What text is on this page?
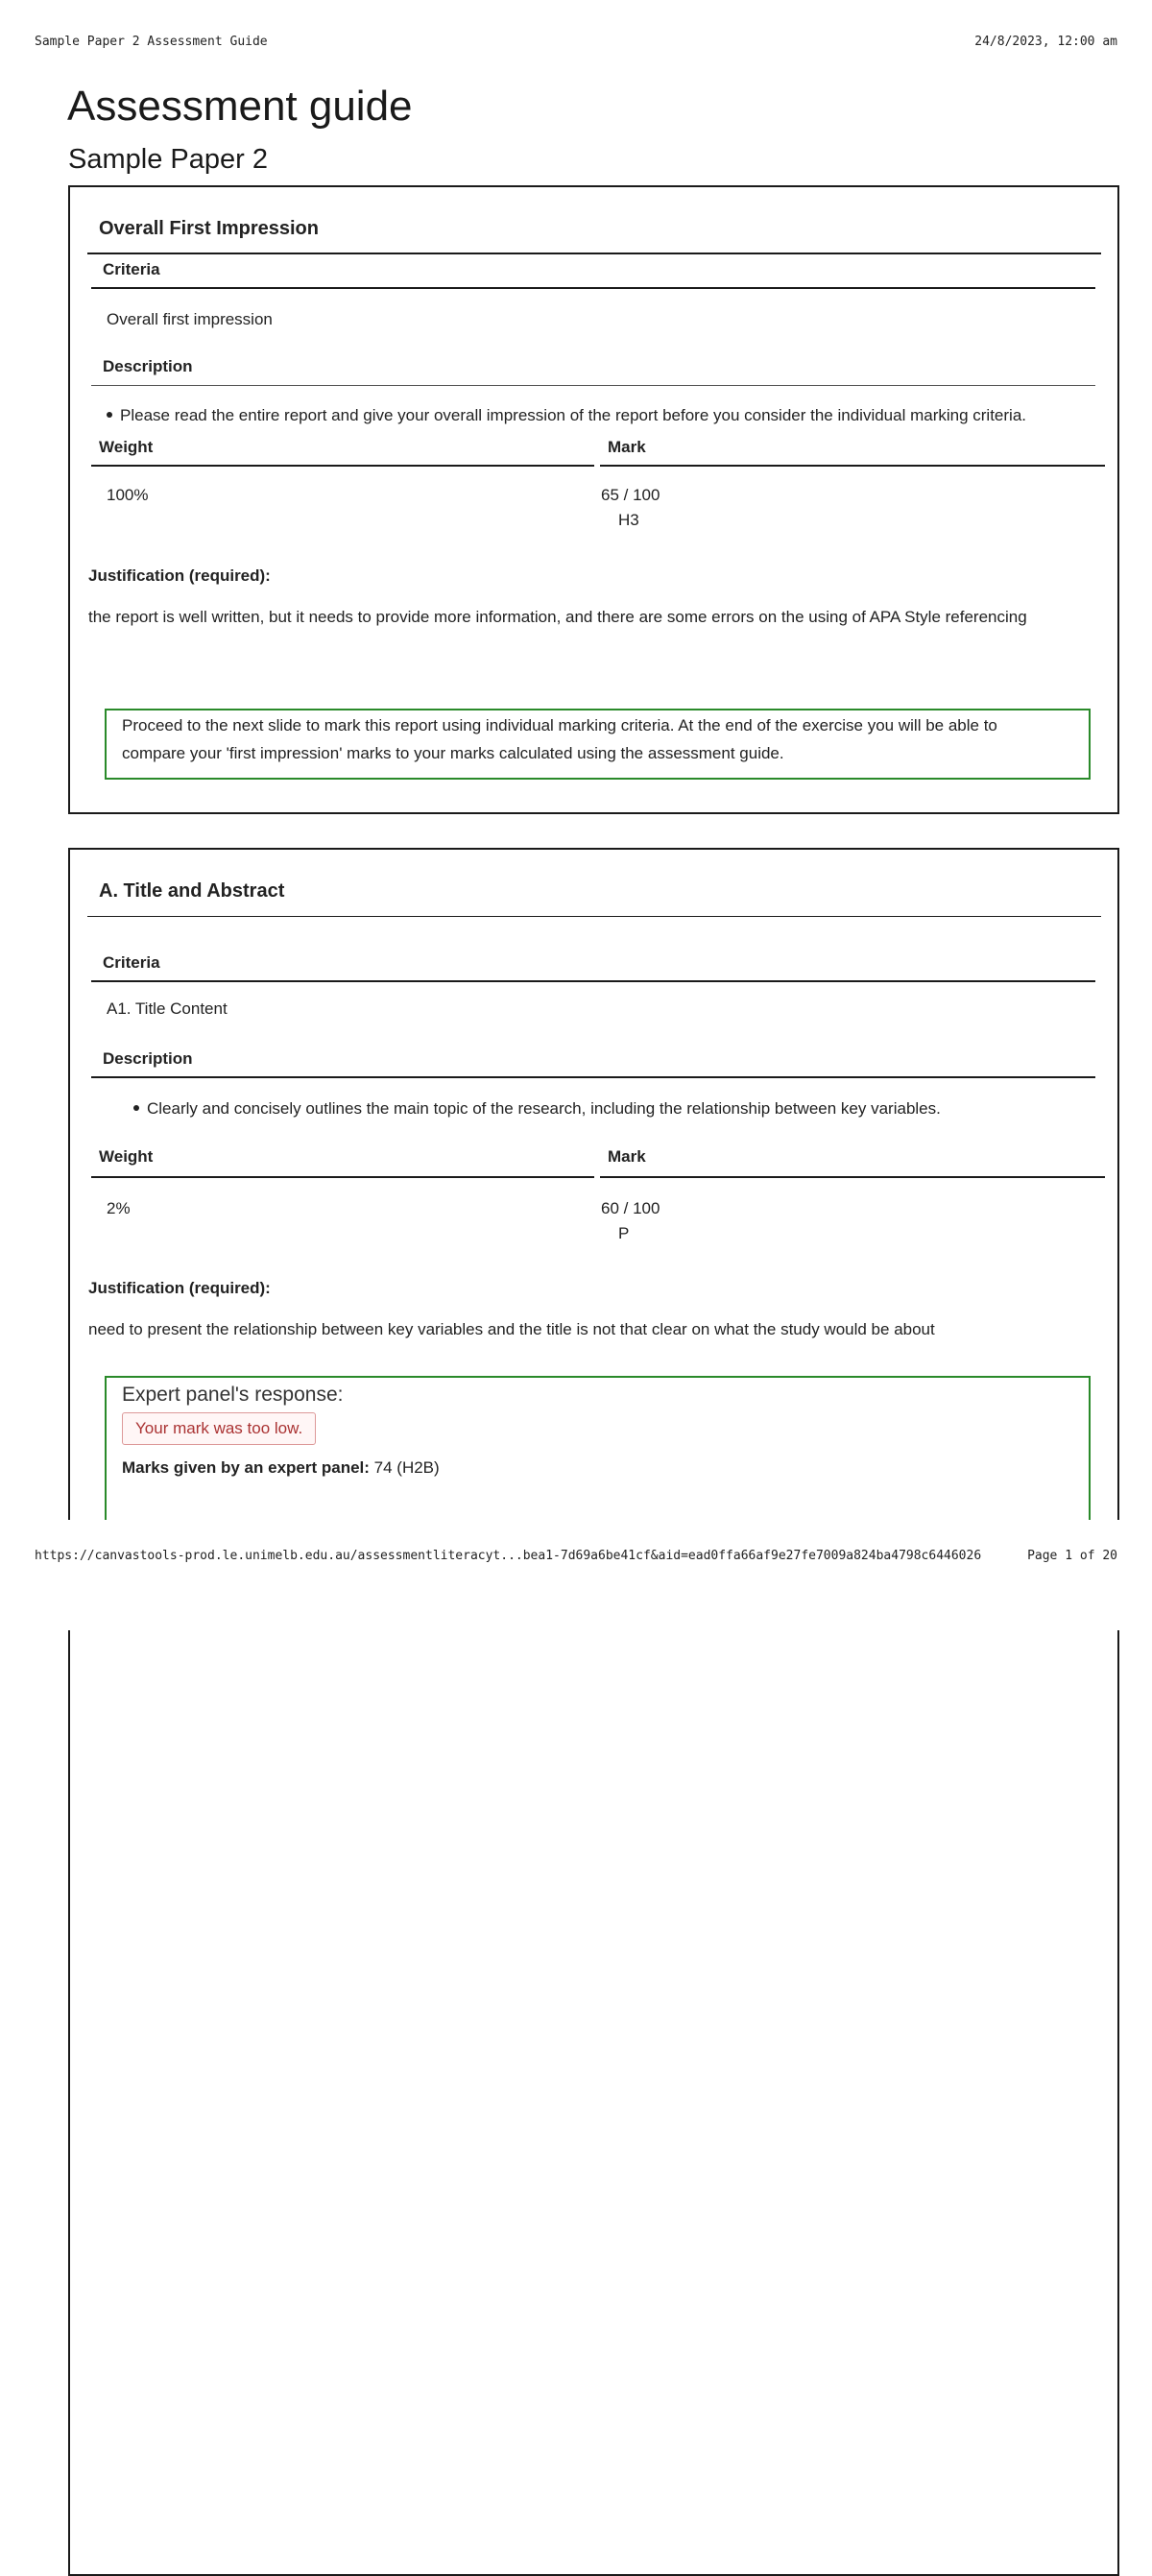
Sample Paper 2 Assessment Guide	24/8/2023, 12:00 am
Assessment guide
Sample Paper 2
Overall First Impression
Criteria
Overall first impression
Description
Please read the entire report and give your overall impression of the report before you consider the individual marking criteria.
Weight	Mark
100%	65 / 100
H3
Justification (required):
the report is well written, but it needs to provide more information, and there are some errors on the using of APA Style referencing
Proceed to the next slide to mark this report using individual marking criteria. At the end of the exercise you will be able to
compare your 'first impression' marks to your marks calculated using the assessment guide.
A. Title and Abstract
Criteria
A1. Title Content
Description
Clearly and concisely outlines the main topic of the research, including the relationship between key variables.
Weight	Mark
2%	60 / 100
P
Justification (required):
need to present the relationship between key variables and the title is not that clear on what the study would be about
Expert panel's response:
Your mark was too low.
Marks given by an expert panel: 74 (H2B)
https://canvastools-prod.le.unimelb.edu.au/assessmentliteracyt...bea1-7d69a6be41cf&aid=ead0ffa66af9e27fe7009a824ba4798c6446026	Page 1 of 20
